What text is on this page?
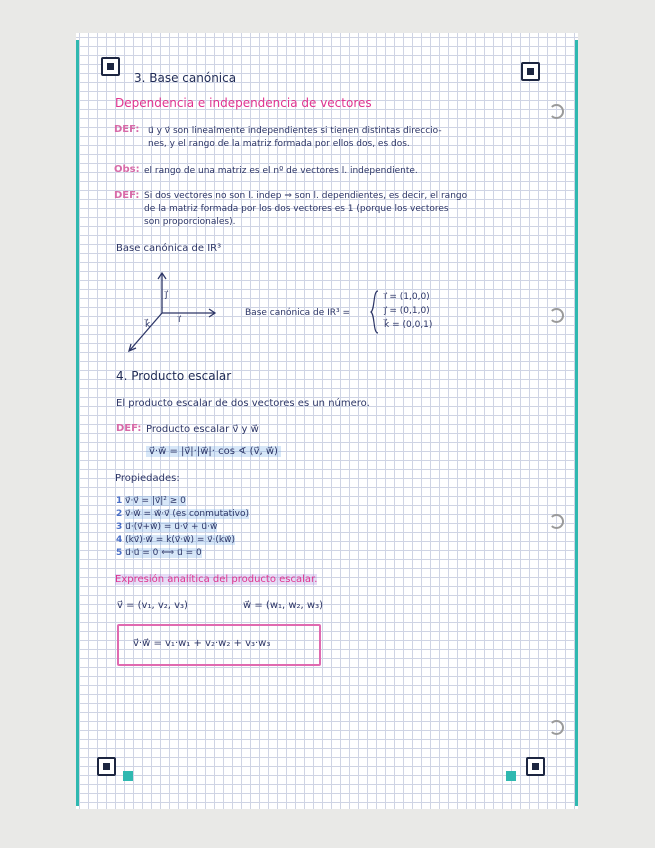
3. Base canónica
Dependencia e independencia de vectores
DEF: u⃗ y v⃗ son linealmente independientes si tienen distintas direccio-
nes, y el rango de la matriz formada por ellos dos, es dos.
Obs: el rango de una matriz es el nº de vectores l. independiente.
DEF: Si dos vectores no son l. indep ⇒ son l. dependientes, es decir, el rango
de la matriz formada por los dos vectores es 1 (porque los vectores
son proporcionales).
Base canónica de IR³
j⃗
i⃗
k⃗
Base canónica de IR³ =
i⃗ = (1,0,0)
j⃗ = (0,1,0)
k⃗ = (0,0,1)
4. Producto escalar
El producto escalar de dos vectores es un número.
DEF: Producto escalar v⃗ y w⃗
v⃗·w⃗ = |v⃗|·|w⃗|· cos ∢ (v⃗, w⃗)
Propiedades:
1 v⃗·v⃗ = |v⃗|² ≥ 0
2 v⃗·w⃗ = w⃗·v⃗ (es conmutativo)
3 u⃗·(v⃗+w⃗) = u⃗·v⃗ + u⃗·w⃗
4 (kv⃗)·w⃗ = k(v⃗·w⃗) = v⃗·(kw⃗)
5 u⃗·u⃗ = 0 ⟺ u⃗ = 0
Expresión analítica del producto escalar.
v⃗ = (v₁, v₂, v₃)	w⃗ = (w₁, w₂, w₃)
v⃗·w⃗ = v₁·w₁ + v₂·w₂ + v₃·w₃
